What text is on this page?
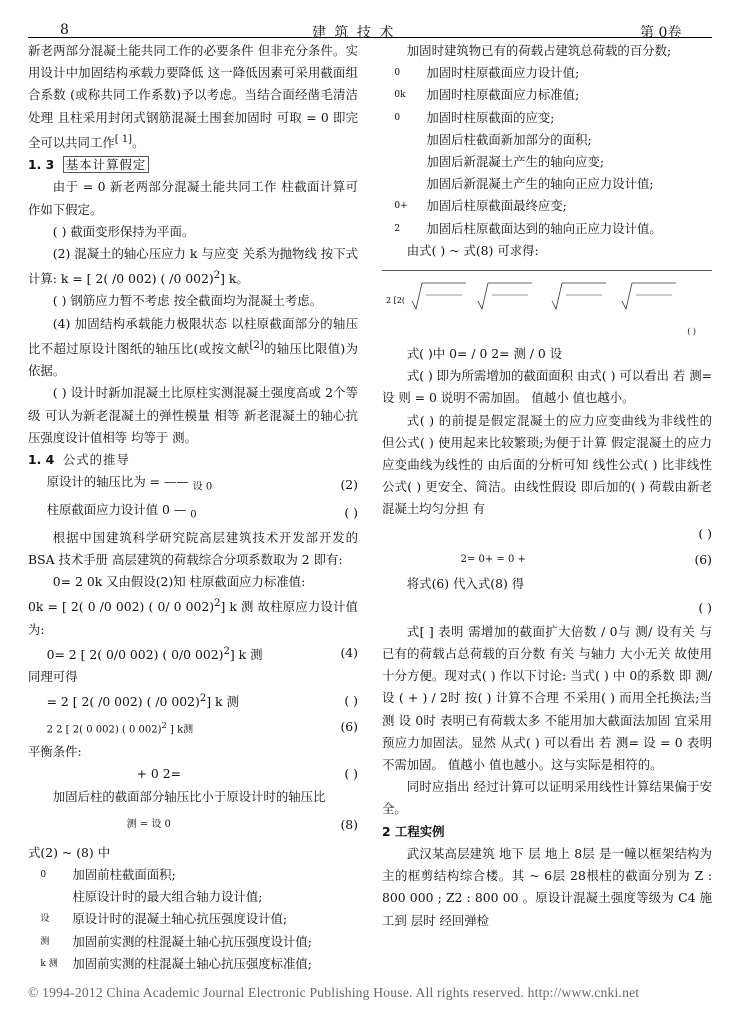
8	建 筑 技 术	第 0卷

新老两部分混凝土能共同工作的必要条件 但非充分条件。实用设计中加固结构承载力要降低 这一降低因素可采用截面组合系数 (或称共同工作系数)予以考虑。当结合面经凿毛清洁处理 且柱采用封闭式钢筋混凝土围套加固时 可取 = 0 即完全可以共同工作[ 1]。

1. 3 基本计算假定

由于 = 0 新老两部分混凝土能共同工作 柱截面计算可作如下假定。

( ) 截面变形保持为平面。

(2) 混凝土的轴心压应力 k 与应变 关系为抛物线 按下式计算: k = [ 2( /0 002) ( /0 002)$^2$] k。

( ) 钢筋应力暂不考虑 按全截面均为混凝土考虑。

(4) 加固结构承载能力极限状态 以柱原截面部分的轴压比不超过原设计图纸的轴压比(或按文献[2]的轴压比限值)为依据。

( ) 设计时新加混凝土比原柱实测混凝土强度高或 2个等级 可认为新老混凝土的弹性模量 相等 新老混凝土的轴心抗压强度设计值相等 均等于 测。

1. 4 公式的推导

原设计的轴压比为 = —— $_{设 0}$	(2)
柱原截面应力设计值 0 — $_0$	( )

根据中国建筑科学研究院高层建筑技术开发部开发的 BSA 技术手册 高层建筑的荷载综合分项系数取为 2 即有:

0= 2 0k 又由假设(2)知 柱原截面应力标准值:

0k = [ 2( 0 /0 002) ( 0/ 0 002)$^2$] k 测 故柱原应力设计值为:

0= 2 [ 2( 0/0 002) ( 0/0 002)$^2$] k 测	(4)

同理可得

= 2 [ 2( /0 002) ( /0 002)$^2$] k 测	( )
2 2 [ 2( 0 002) ( 0 002)$^2$ ] k测	(6)

平衡条件:

+ 0 2=	( )

加固后柱的截面部分轴压比小于原设计时的轴压比

测 = 设 0	(8)

式(2) ~ (8) 中

0	加固前柱截面面积;
柱原设计时的最大组合轴力设计值;
设	原设计时的混凝土轴心抗压强度设计值;
测	加固前实测的柱混凝土轴心抗压强度设计值;
k 测	加固前实测的柱混凝土轴心抗压强度标准值;

加固时建筑物已有的荷载占建筑总荷载的百分数;

0	加固时柱原截面应力设计值;
0k	加固时柱原截面应力标准值;
0	加固时柱原截面的应变;
加固后柱截面新加部分的面积;
加固后新混凝土产生的轴向应变;
加固后新混凝土产生的轴向正应力设计值;
0+	加固后柱原截面最终应变;
2	加固后柱原截面达到的轴向正应力设计值。

由式( ) ~ 式(8) 可求得:

2 [2(
( )

式( )中 0= / 0 2= 测 / 0 设

式( ) 即为所需增加的截面面积 由式( ) 可以看出 若 测= 设 则 = 0 说明不需加固。 值越小 值也越小。

式( ) 的前提是假定混凝土的应力应变曲线为非线性的 但公式( ) 使用起来比较繁琐;为便于计算 假定混凝土的应力应变曲线为线性的 由后面的分析可知 线性公式( ) 比非线性公式( ) 更安全、简洁。由线性假设 即后加的( ) 荷载由新老混凝土均匀分担 有

( )
2= 0+ = 0 +	(6)

将式(6) 代入式(8) 得

( )

式[ ] 表明 需增加的截面扩大倍数 / 0与 测/ 设有关 与已有的荷载占总荷载的百分数 有关 与轴力 大小无关 故使用十分方便。现对式( ) 作以下讨论: 当式( ) 中 0的系数 即 测/ 设 ( + ) / 2时 按( ) 计算不合理 不采用( ) 而用全托换法;当 测 设 0时 表明已有荷载太多 不能用加大截面法加固 宜采用预应力加固法。显然 从式( ) 可以看出 若 测= 设 = 0 表明不需加固。 值越小 值也越小。这与实际是相符的。

同时应指出 经过计算可以证明采用线性计算结果偏于安全。

2 工程实例

武汉某高层建筑 地下 层 地上 8层 是一幢以框架结构为主的框剪结构综合楼。其 ~ 6层 28根柱的截面分别为 Z : 800 000 ; Z2 : 800 00 。原设计混凝土强度等级为 C4 施工到 层时 经回弹检

© 1994-2012 China Academic Journal Electronic Publishing House. All rights reserved. http://www.cnki.net
